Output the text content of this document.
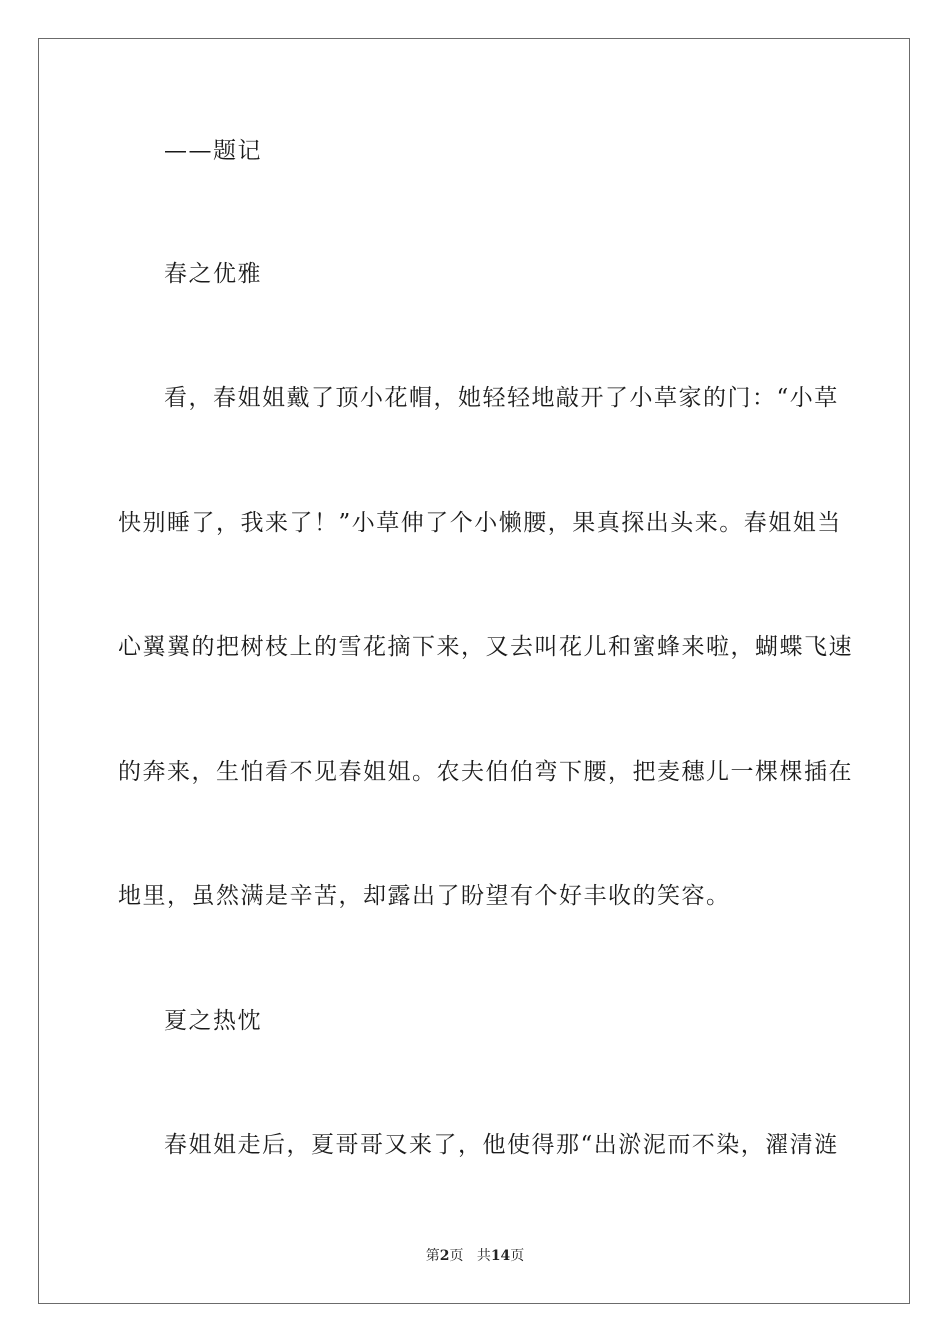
——题记
春之优雅
看，春姐姐戴了顶小花帽，她轻轻地敲开了小草家的门：“小草
快别睡了，我来了！”小草伸了个小懒腰，果真探出头来。春姐姐当
心翼翼的把树枝上的雪花摘下来，又去叫花儿和蜜蜂来啦，蝴蝶飞速
的奔来，生怕看不见春姐姐。农夫伯伯弯下腰，把麦穗儿一棵棵插在
地里，虽然满是辛苦，却露出了盼望有个好丰收的笑容。
夏之热忱
春姐姐走后，夏哥哥又来了，他使得那“出淤泥而不染，濯清涟
第2页 共14页
